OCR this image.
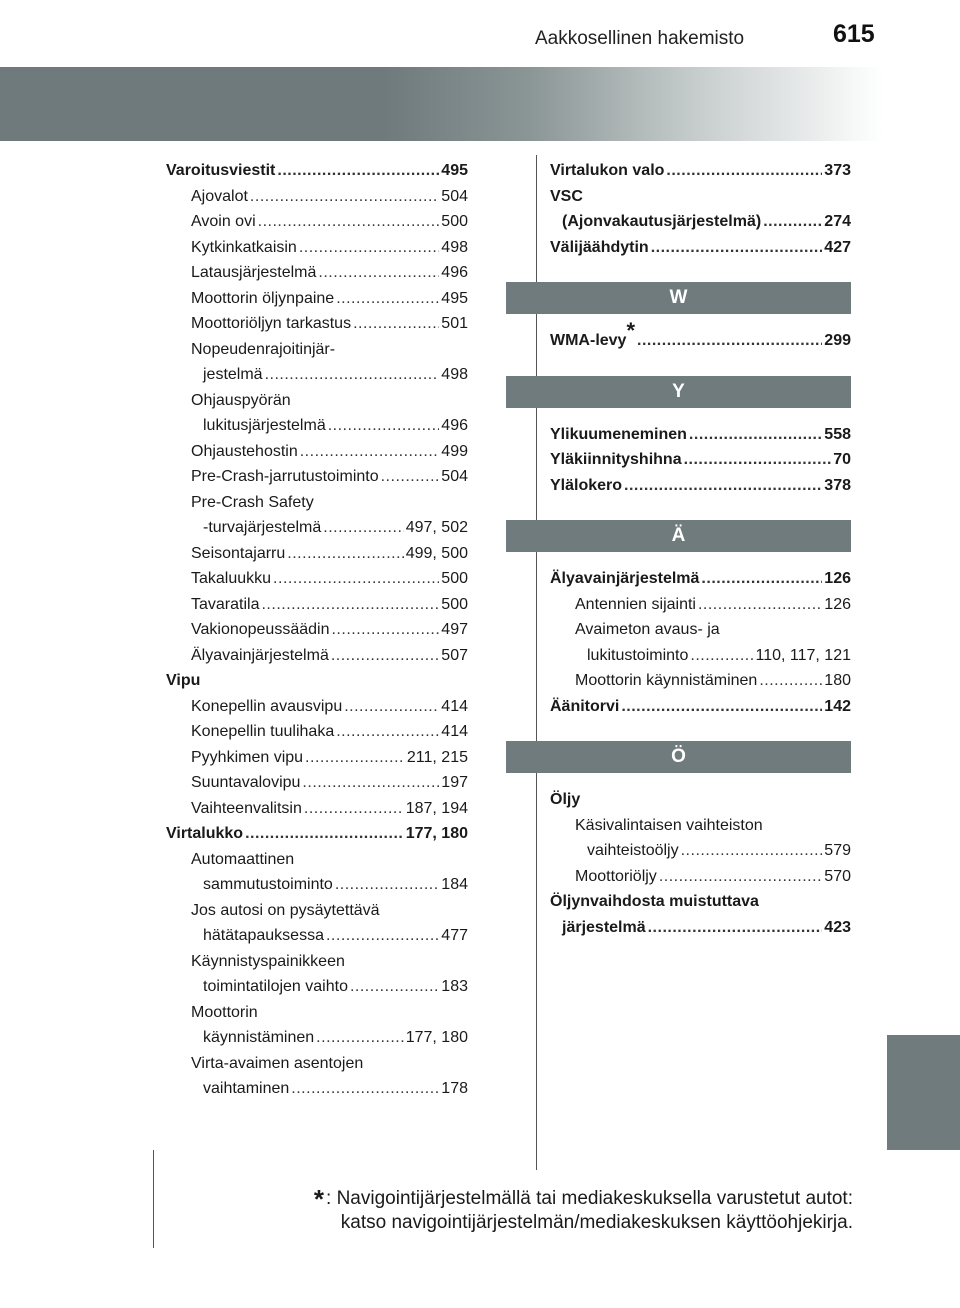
615
Aakkosellinen hakemisto
Varoitusviestit .....	495
Ajovalot .....	504
Avoin ovi .....	500
Kytkinkatkaisin .....	498
Latausjärjestelmä .....	496
Moottorin öljynpaine .....	495
Moottoriöljyn tarkastus .....	501
Nopeudenrajoitinjär-
jestelmä .....	498
Ohjauspyörän
lukitusjärjestelmä .....	496
Ohjaustehostin .....	499
Pre-Crash-jarrutustoiminto .....	504
Pre-Crash Safety
-turvajärjestelmä .....	497, 502
Seisontajarru .....	499, 500
Takaluukku .....	500
Tavaratila .....	500
Vakionopeussäädin .....	497
Älyavainjärjestelmä .....	507
Vipu
Konepellin avausvipu .....	414
Konepellin tuulihaka .....	414
Pyyhkimen vipu .....	211, 215
Suuntavalovipu .....	197
Vaihteenvalitsin .....	187, 194
Virtalukko .....	177, 180
Automaattinen
sammutustoiminto .....	184
Jos autosi on pysäytettävä
hätätapauksessa .....	477
Käynnistyspainikkeen
toimintatilojen vaihto .....	183
Moottorin
käynnistäminen .....	177, 180
Virta-avaimen asentojen
vaihtaminen .....	178
Virtalukon valo .....	373
VSC
(Ajonvakautusjärjestelmä) .....	274
Välijäähdytin .....	427
W
WMA-levy* .....	299
Y
Ylikuumeneminen .....	558
Yläkiinnityshihna .....	70
Ylälokero .....	378
Ä
Älyavainjärjestelmä .....	126
Antennien sijainti .....	126
Avaimeton avaus- ja
lukitustoiminto .....	110, 117, 121
Moottorin käynnistäminen .....	180
Äänitorvi .....	142
Ö
Öljy
Käsivalintaisen vaihteiston
vaihteistoöljy .....	579
Moottoriöljy .....	570
Öljynvaihdosta muistuttava
järjestelmä .....	423
* : Navigointijärjestelmällä tai mediakeskuksella varustetut autot:
katso navigointijärjestelmän/mediakeskuksen käyttöohjekirja.
